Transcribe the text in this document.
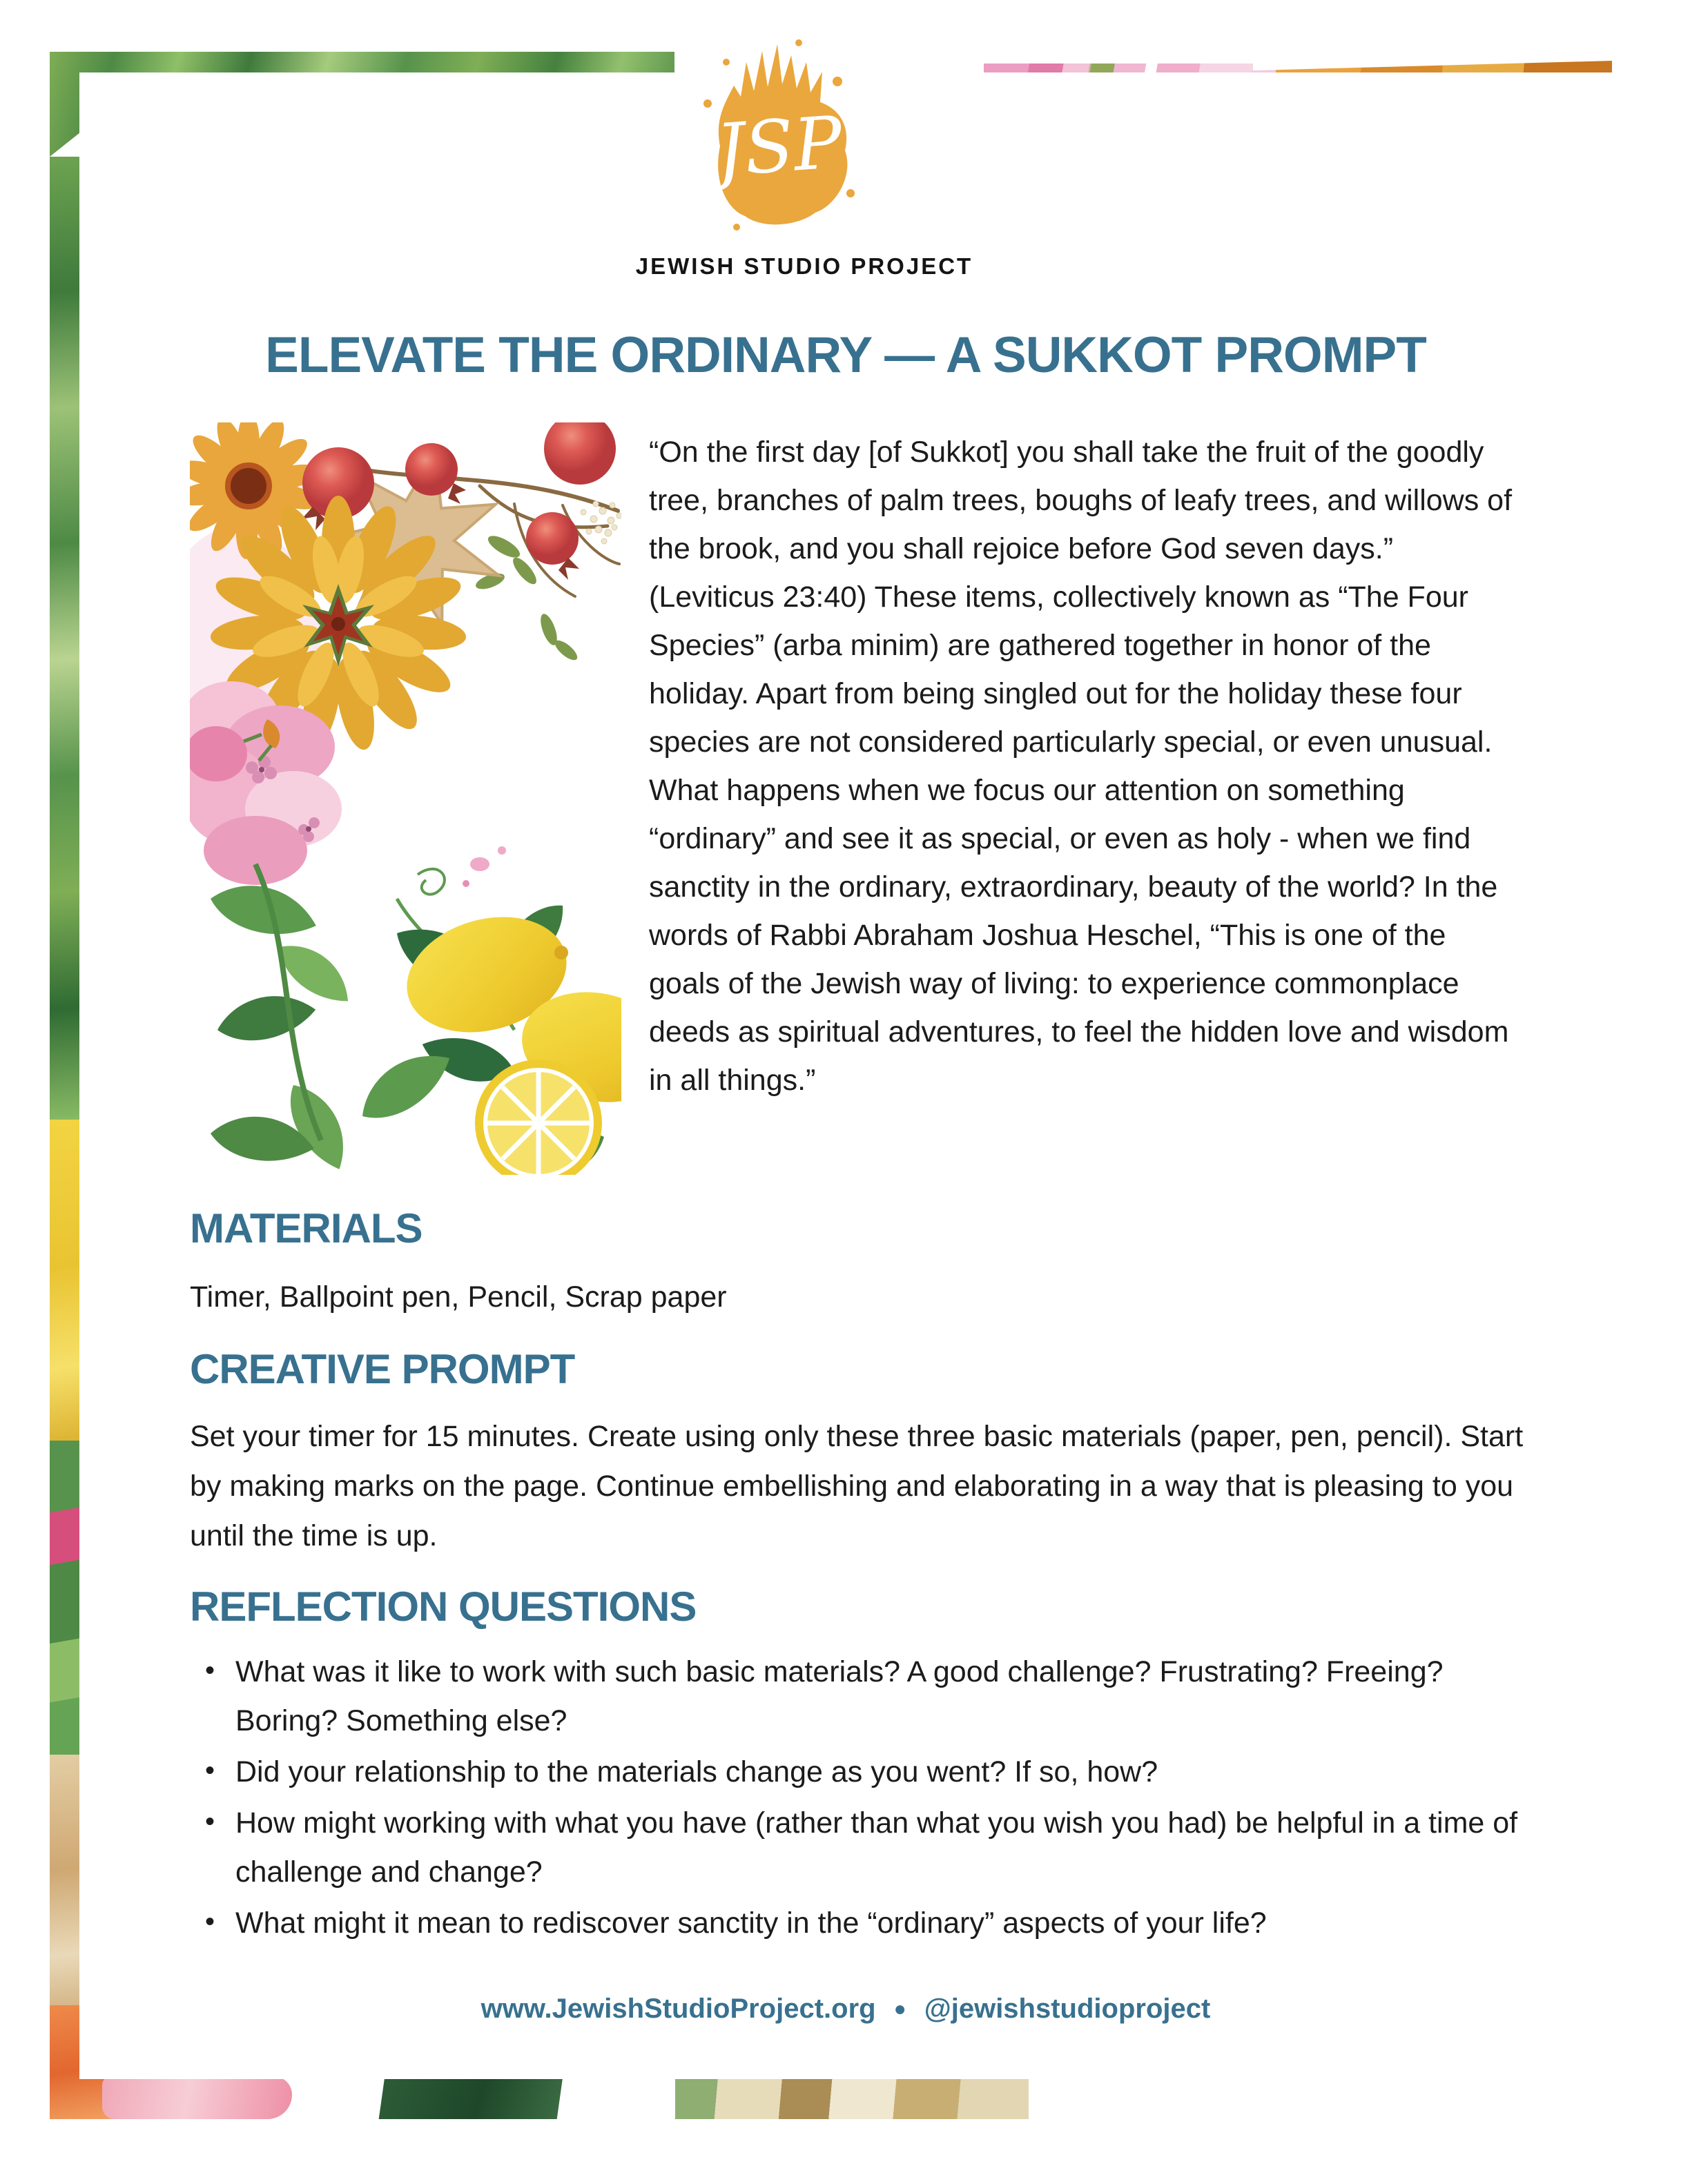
JSP
JEWISH STUDIO PROJECT
ELEVATE THE ORDINARY — A SUKKOT PROMPT

“On the first day [of Sukkot] you shall take the fruit of the goodly tree, branches of palm trees, boughs of leafy trees, and willows of the brook, and you shall rejoice before God seven days.” (Leviticus 23:40) These items, collectively known as “The Four Species” (arba minim) are gathered together in honor of the holiday. Apart from being singled out for the holiday these four species are not considered particularly special, or even unusual. What happens when we focus our attention on something “ordinary” and see it as special, or even as holy - when we find sanctity in the ordinary, extraordinary, beauty of the world? In the words of Rabbi Abraham Joshua Heschel, “This is one of the goals of the Jewish way of living: to experience commonplace deeds as spiritual adventures, to feel the hidden love and wisdom in all things.”

MATERIALS

Timer, Ballpoint pen, Pencil, Scrap paper

CREATIVE PROMPT

Set your timer for 15 minutes. Create using only these three basic materials (paper, pen, pencil). Start by making marks on the page. Continue embellishing and elaborating in a way that is pleasing to you until the time is up.

REFLECTION QUESTIONS
• What was it like to work with such basic materials? A good challenge? Frustrating? Freeing? Boring? Something else?
• Did your relationship to the materials change as you went? If so, how?
• How might working with what you have (rather than what you wish you had) be helpful in a time of challenge and change?
• What might it mean to rediscover sanctity in the “ordinary” aspects of your life?
www.JewishStudioProject.org ● @jewishstudioproject
